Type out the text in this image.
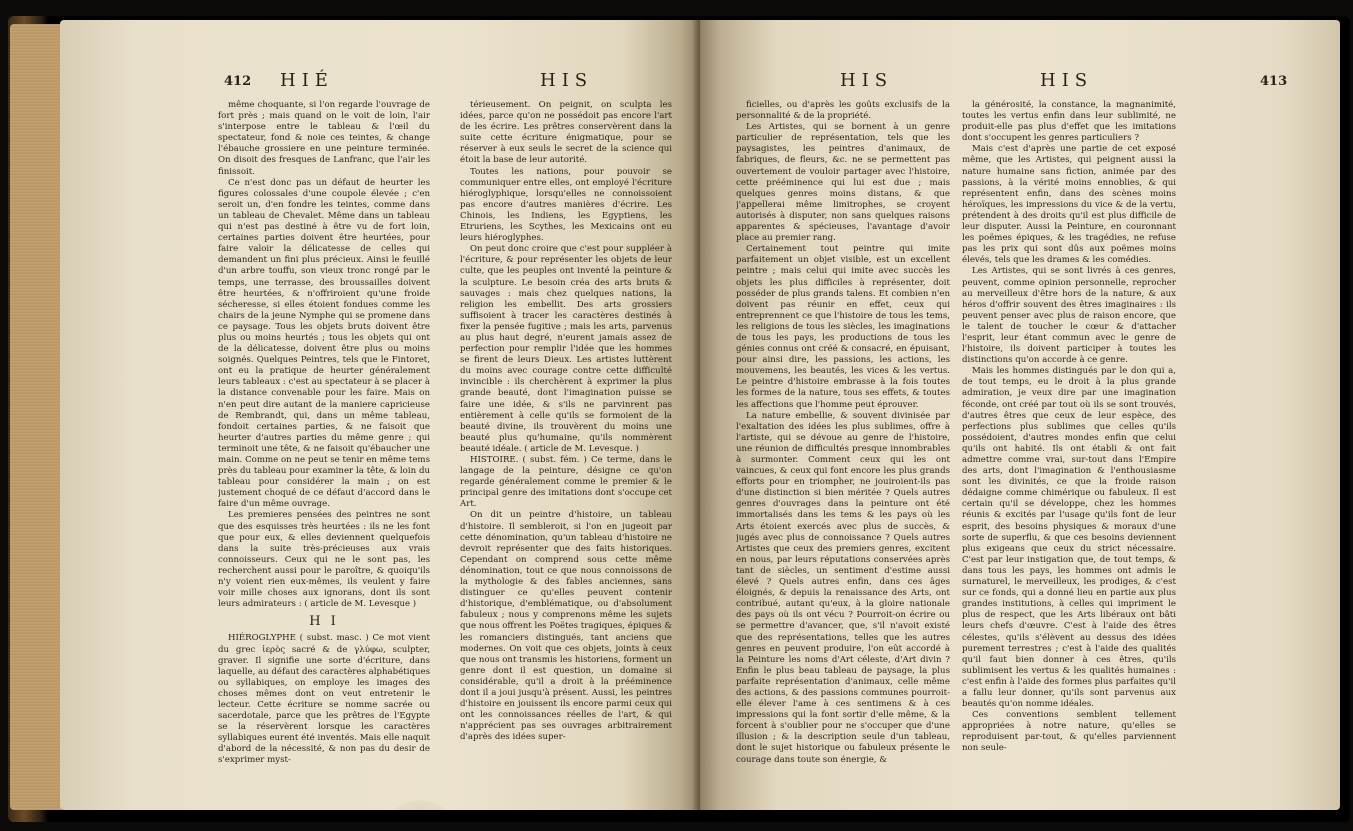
412 HIÉ	HIS

même choquante, si l'on regarde l'ouvrage de fort près ; mais quand on le voit de loin, l'air s'interpose entre le tableau & l'œil du spectateur, fond & noie ces teintes, & change l'ébauche grossiere en une peinture terminée. On disoit des fresques de Lanfranc, que l'air les finissoit.

Ce n'est donc pas un défaut de heurter les figures colossales d'une coupole élevée ; c'en seroit un, d'en fondre les teintes, comme dans un tableau de Chevalet. Même dans un tableau qui n'est pas destiné à être vu de fort loin, certaines parties doivent être heurtées, pour faire valoir la délicatesse de celles qui demandent un fini plus précieux. Ainsi le feuillé d'un arbre touffu, son vieux tronc rongé par le temps, une terrasse, des broussailles doivent être heurtées, & n'offriroient qu'une froide sécheresse, si elles étoient fondues comme les chairs de la jeune Nymphe qui se promene dans ce paysage. Tous les objets bruts doivent être plus ou moins heurtés ; tous les objets qui ont de la délicatesse, doivent être plus ou moins soignés. Quelques Peintres, tels que le Fintoret, ont eu la pratique de heurter généralement leurs tableaux : c'est au spectateur à se placer à la distance convenable pour les faire. Mais on n'en peut dire autant de la maniere capricieuse de Rembrandt, qui, dans un même tableau, fondoit certaines parties, & ne faisoit que heurter d'autres parties du même genre ; qui terminoit une tête, & ne faisoit qu'ébaucher une main. Comme on ne peut se tenir en même tems près du tableau pour examiner la tête, & loin du tableau pour considérer la main ; on est justement choqué de ce défaut d'accord dans le faire d'un même ouvrage.

Les premieres pensées des peintres ne sont que des esquisses très heurtées : ils ne les font que pour eux, & elles deviennent quelquefois dans la suite très-précieuses aux vrais connoisseurs. Ceux qui ne le sont pas, les recherchent aussi pour le paroître, & quoiqu'ils n'y voient rien eux-mêmes, ils veulent y faire voir mille choses aux ignorans, dont ils sont leurs admirateurs : ( article de M. Levesque )

H I

HIÉROGLYPHE ( subst. masc. ) Ce mot vient du grec ἱερὸς sacré & de γλύφω, sculpter, graver. Il signifie une sorte d'écriture, dans laquelle, au défaut des caractères alphabétiques ou syllabiques, on employe les images des choses mêmes dont on veut entretenir le lecteur. Cette écriture se nomme sacrée ou sacerdotale, parce que les prêtres de l'Egypte se la réservèrent lorsque les caractères syllabiques eurent été inventés. Mais elle naquit d'abord de la nécessité, & non pas du desir de s'exprimer myst-

térieusement. On peignit, on sculpta les idées, parce qu'on ne possédoit pas encore l'art de les écrire. Les prêtres conservèrent dans la suite cette écriture énigmatique, pour se réserver à eux seuls le secret de la science qui étoit la base de leur autorité.

Toutes les nations, pour pouvoir se communiquer entre elles, ont employé l'écriture hiéroglyphique, lorsqu'elles ne connoissoient pas encore d'autres manières d'écrire. Les Chinois, les Indiens, les Egyptiens, les Etruriens, les Scythes, les Mexicains ont eu leurs hiéroglyphes.

On peut donc croire que c'est pour suppléer à l'écriture, & pour représenter les objets de leur culte, que les peuples ont inventé la peinture & la sculpture. Le besoin créa des arts bruts & sauvages : mais chez quelques nations, la religion les embellit. Des arts grossiers suffisoient à tracer les caractères destinés à fixer la pensée fugitive ; mais les arts, parvenus au plus haut degré, n'eurent jamais assez de perfection pour remplir l'idée que les hommes se firent de leurs Dieux. Les artistes luttèrent du moins avec courage contre cette difficulté invincible : ils cherchèrent à exprimer la plus grande beauté, dont l'imagination puisse se faire une idée, & s'ils ne parvinrent pas entièrement à celle qu'ils se formoient de la beauté divine, ils trouvèrent du moins une beauté plus qu'humaine, qu'ils nommèrent beauté idéale. ( article de M. Levesque. )

HISTOIRE. ( subst. fém. ) Ce terme, dans le langage de la peinture, désigne ce qu'on regarde généralement comme le premier & le principal genre des imitations dont s'occupe cet Art.

On dit un peintre d'histoire, un tableau d'histoire. Il sembleroit, si l'on en jugeoit par cette dénomination, qu'un tableau d'histoire ne devroit représenter que des faits historiques. Cependant on comprend sous cette même dénomination, tout ce que nous connoissons de la mythologie & des fables anciennes, sans distinguer ce qu'elles peuvent contenir d'historique, d'emblématique, ou d'absolument fabuleux ; nous y comprenons même les sujets que nous offrent les Poëtes tragiques, épiques & les romanciers distingués, tant anciens que modernes. On voit que ces objets, joints à ceux que nous ont transmis les historiens, forment un genre dont il est question, un domaine si considérable, qu'il a droit à la prééminence dont il a joui jusqu'à présent. Aussi, les peintres d'histoire en jouissent ils encore parmi ceux qui ont les connoissances réelles de l'art, & qui n'apprécient pas ses ouvrages arbitrairement d'après des idées super-

HIS	HIS	413

ficielles, ou d'après les goûts exclusifs de la personnalité & de la propriété.

Les Artistes, qui se bornent à un genre particulier de représentation, tels que les paysagistes, les peintres d'animaux, de fabriques, de fleurs, &c. ne se permettent pas ouvertement de vouloir partager avec l'histoire, cette prééminence qui lui est due ; mais quelques genres moins distans, & que j'appellerai même limitrophes, se croyent autorisés à disputer, non sans quelques raisons apparentes & spécieuses, l'avantage d'avoir place au premier rang.

Certainement tout peintre qui imite parfaitement un objet visible, est un excellent peintre ; mais celui qui imite avec succès les objets les plus difficiles à représenter, doit posséder de plus grands talens. Et combien n'en doivent pas réunir en effet, ceux qui entreprennent ce que l'histoire de tous les tems, les religions de tous les siècles, les imaginations de tous les pays, les productions de tous les génies connus ont créé & consacré, en épuisant, pour ainsi dire, les passions, les actions, les mouvemens, les beautés, les vices & les vertus. Le peintre d'histoire embrasse à la fois toutes les formes de la nature, tous ses effets, & toutes les affections que l'homme peut éprouver.

La nature embellie, & souvent divinisée par l'exaltation des idées les plus sublimes, offre à l'artiste, qui se dévoue au genre de l'histoire, une réunion de difficultés presque innombrables à surmonter. Comment ceux qui les ont vaincues, & ceux qui font encore les plus grands efforts pour en triompher, ne jouiroient-ils pas d'une distinction si bien méritée ? Quels autres genres d'ouvrages dans la peinture ont été immortalisés dans les tems & les pays où les Arts étoient exercés avec plus de succès, & jugés avec plus de connoissance ? Quels autres Artistes que ceux des premiers genres, excitent en nous, par leurs réputations conservées après tant de siècles, un sentiment d'estime aussi élevé ? Quels autres enfin, dans ces âges éloignés, & depuis la renaissance des Arts, ont contribué, autant qu'eux, à la gloire nationale des pays où ils ont vécu ? Pourroit-on écrire ou se permettre d'avancer, que, s'il n'avoit existé que des représentations, telles que les autres genres en peuvent produire, l'on eût accordé à la Peinture les noms d'Art céleste, d'Art divin ? Enfin le plus beau tableau de paysage, la plus parfaite représentation d'animaux, celle même des actions, & des passions communes pourroit-elle élever l'ame à ces sentimens & à ces impressions qui la font sortir d'elle même, & la forcent à s'oublier pour ne s'occuper que d'une illusion ; & la description seule d'un tableau, dont le sujet historique ou fabuleux présente le courage dans toute son énergie, &

la générosité, la constance, la magnanimité, toutes les vertus enfin dans leur sublimité, ne produit-elle pas plus d'effet que les imitations dont s'occupent les genres particuliers ?

Mais c'est d'après une partie de cet exposé même, que les Artistes, qui peignent aussi la nature humaine sans fiction, animée par des passions, à la vérité moins ennoblies, & qui représentent enfin, dans des scènes moins héroïques, les impressions du vice & de la vertu, prétendent à des droits qu'il est plus difficile de leur disputer. Aussi la Peinture, en couronnant les poëmes épiques, & les tragédies, ne refuse pas les prix qui sont dûs aux poëmes moins élevés, tels que les drames & les comédies.

Les Artistes, qui se sont livrés à ces genres, peuvent, comme opinion personnelle, reprocher au merveilleux d'être hors de la nature, & aux héros d'offrir souvent des êtres imaginaires : ils peuvent penser avec plus de raison encore, que le talent de toucher le cœur & d'attacher l'esprit, leur étant commun avec le genre de l'histoire, ils doivent participer à toutes les distinctions qu'on accorde à ce genre.

Mais les hommes distingués par le don qui a, de tout temps, eu le droit à la plus grande admiration, je veux dire par une imagination féconde, ont créé par tout où ils se sont trouvés, d'autres êtres que ceux de leur espèce, des perfections plus sublimes que celles qu'ils possédoient, d'autres mondes enfin que celui qu'ils ont habité. Ils ont établi & ont fait admettre comme vrai, sur-tout dans l'Empire des arts, dont l'imagination & l'enthousiasme sont les divinités, ce que la froide raison dédaigne comme chimérique ou fabuleux. Il est certain qu'il se développe, chez les hommes réunis & excités par l'usage qu'ils font de leur esprit, des besoins physiques & moraux d'une sorte de superflu, & que ces besoins deviennent plus exigeans que ceux du strict nécessaire. C'est par leur instigation que, de tout temps, & dans tous les pays, les hommes ont admis le surnaturel, le merveilleux, les prodiges, & c'est sur ce fonds, qui a donné lieu en partie aux plus grandes institutions, à celles qui impriment le plus de respect, que les Arts libéraux ont bâti leurs chefs d'œuvre. C'est à l'aide des êtres célestes, qu'ils s'élèvent au dessus des idées purement terrestres ; c'est à l'aide des qualités qu'il faut bien donner à ces êtres, qu'ils sublimisent les vertus & les qualités humaines : c'est enfin à l'aide des formes plus parfaites qu'il a fallu leur donner, qu'ils sont parvenus aux beautés qu'on nomme idéales.

Ces conventions semblent tellement appropriées à notre nature, qu'elles se reproduisent par-tout, & qu'elles parviennent non seule-
